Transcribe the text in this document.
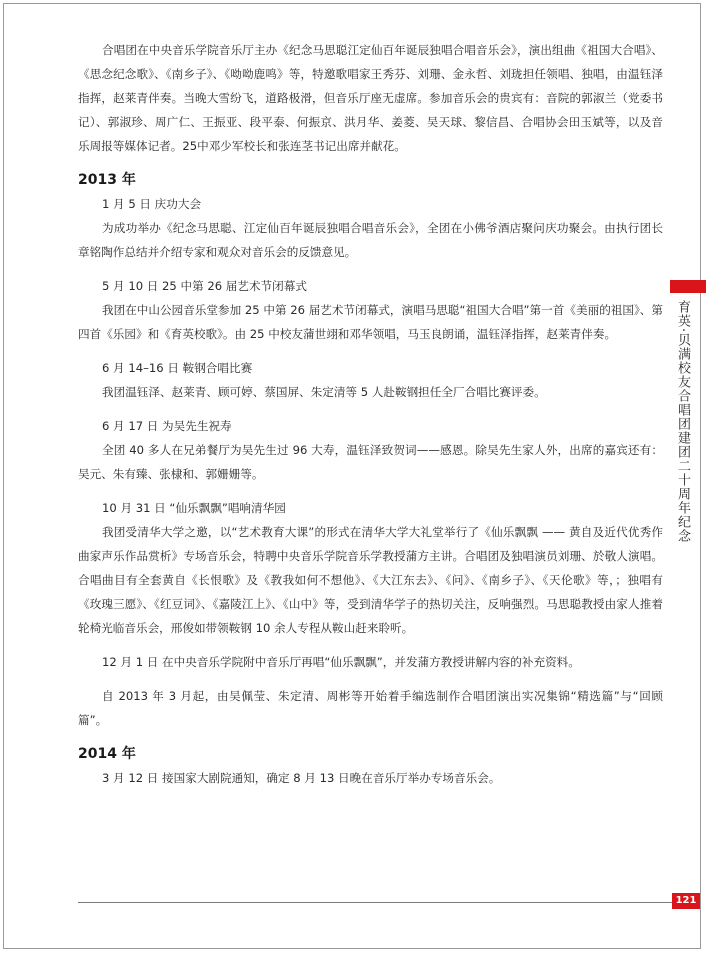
合唱团在中央音乐学院音乐厅主办《纪念马思聪江定仙百年诞辰独唱合唱音乐会》，演出组曲《祖国大合唱》、《思念纪念歌》、《南乡子》、《呦呦鹿鸣》等，特邀歌唱家王秀芬、刘珊、金永哲、刘珑担任领唱、独唱，由温钰泽指挥，赵莱青伴奏。当晚大雪纷飞，道路极滑，但音乐厅座无虚席。参加音乐会的贵宾有：音院的郭淑兰（党委书记）、郭淑珍、周广仁、王振亚、段平泰、何振京、洪月华、姜菱、吴天球、黎信昌、合唱协会田玉斌等，以及音乐周报等媒体记者。25中邓少军校长和张连茎书记出席并献花。

2013 年

1 月 5 日 庆功大会

为成功举办《纪念马思聪、江定仙百年诞辰独唱合唱音乐会》，全团在小佛爷酒店聚问庆功聚会。由执行团长章铭陶作总结并介绍专家和观众对音乐会的反馈意见。

5 月 10 日 25 中第 26 届艺术节闭幕式

我团在中山公园音乐堂参加 25 中第 26 届艺术节闭幕式，演唱马思聪“祖国大合唱”第一首《美丽的祖国》、第四首《乐园》和《育英校歌》。由 25 中校友蒲世翊和邓华领唱，马玉良朗诵，温钰泽指挥，赵莱青伴奏。

6 月 14–16 日 鞍钢合唱比赛

我团温钰泽、赵莱青、顾可婷、蔡国屏、朱定清等 5 人赴鞍钢担任全厂合唱比赛评委。

6 月 17 日 为吴先生祝寿

全团 40 多人在兄弟餐厅为吴先生过 96 大寿，温钰泽致贺词——感恩。除吴先生家人外，出席的嘉宾还有：吴元、朱有臻、张棣和、郭姗姗等。

10 月 31 日 “仙乐飘飘”唱响清华园

我团受清华大学之邀，以“艺术教育大课”的形式在清华大学大礼堂举行了《仙乐飘飘 —— 黄自及近代优秀作曲家声乐作品赏析》专场音乐会，特聘中央音乐学院音乐学教授蒲方主讲。合唱团及独唱演员刘珊、於敬人演唱。合唱曲目有全套黄自《长恨歌》及《教我如何不想他》、《大江东去》、《问》、《南乡子》、《天伦歌》等，；独唱有《玫瑰三愿》、《红豆词》、《嘉陵江上》、《山中》等，受到清华学子的热切关注，反响强烈。马思聪教授由家人推着轮椅光临音乐会，邢俊如带领鞍钢 10 余人专程从鞍山赶来聆听。

12 月 1 日 在中央音乐学院附中音乐厅再唱“仙乐飘飘”，并发蒲方教授讲解内容的补充资料。

自 2013 年 3 月起，由吴佩莹、朱定清、周彬等开始着手编选制作合唱团演出实况集锦“精选篇”与“回顾篇”。

2014 年

3 月 12 日 接国家大剧院通知，确定 8 月 13 日晚在音乐厅举办专场音乐会。

育英·贝满校友合唱团建团二十周年纪念
121
